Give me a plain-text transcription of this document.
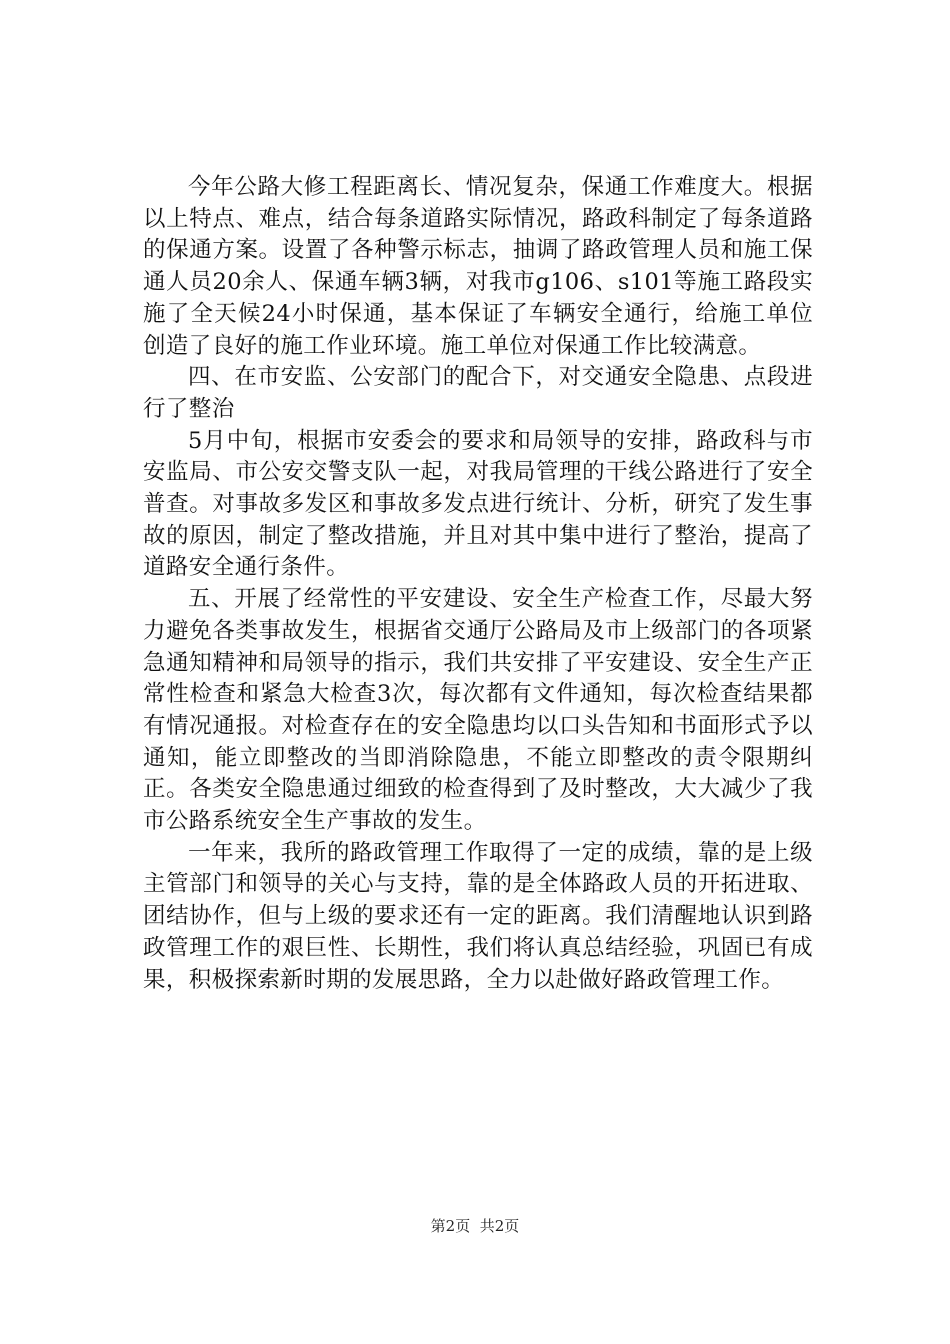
今年公路大修工程距离长、情况复杂，保通工作难度大。根据以上特点、难点，结合每条道路实际情况，路政科制定了每条道路的保通方案。设置了各种警示标志，抽调了路政管理人员和施工保通人员20余人、保通车辆3辆，对我市g106、s101等施工路段实施了全天候24小时保通，基本保证了车辆安全通行，给施工单位创造了良好的施工作业环境。施工单位对保通工作比较满意。

四、在市安监、公安部门的配合下，对交通安全隐患、点段进行了整治

5月中旬，根据市安委会的要求和局领导的安排，路政科与市安监局、市公安交警支队一起，对我局管理的干线公路进行了安全普查。对事故多发区和事故多发点进行统计、分析，研究了发生事故的原因，制定了整改措施，并且对其中集中进行了整治，提高了道路安全通行条件。

五、开展了经常性的平安建设、安全生产检查工作，尽最大努力避免各类事故发生，根据省交通厅公路局及市上级部门的各项紧急通知精神和局领导的指示，我们共安排了平安建设、安全生产正常性检查和紧急大检查3次，每次都有文件通知，每次检查结果都有情况通报。对检查存在的安全隐患均以口头告知和书面形式予以通知，能立即整改的当即消除隐患，不能立即整改的责令限期纠正。各类安全隐患通过细致的检查得到了及时整改，大大减少了我市公路系统安全生产事故的发生。

一年来，我所的路政管理工作取得了一定的成绩，靠的是上级主管部门和领导的关心与支持，靠的是全体路政人员的开拓进取、团结协作，但与上级的要求还有一定的距离。我们清醒地认识到路政管理工作的艰巨性、长期性，我们将认真总结经验，巩固已有成果，积极探索新时期的发展思路，全力以赴做好路政管理工作。

第2页 共2页
